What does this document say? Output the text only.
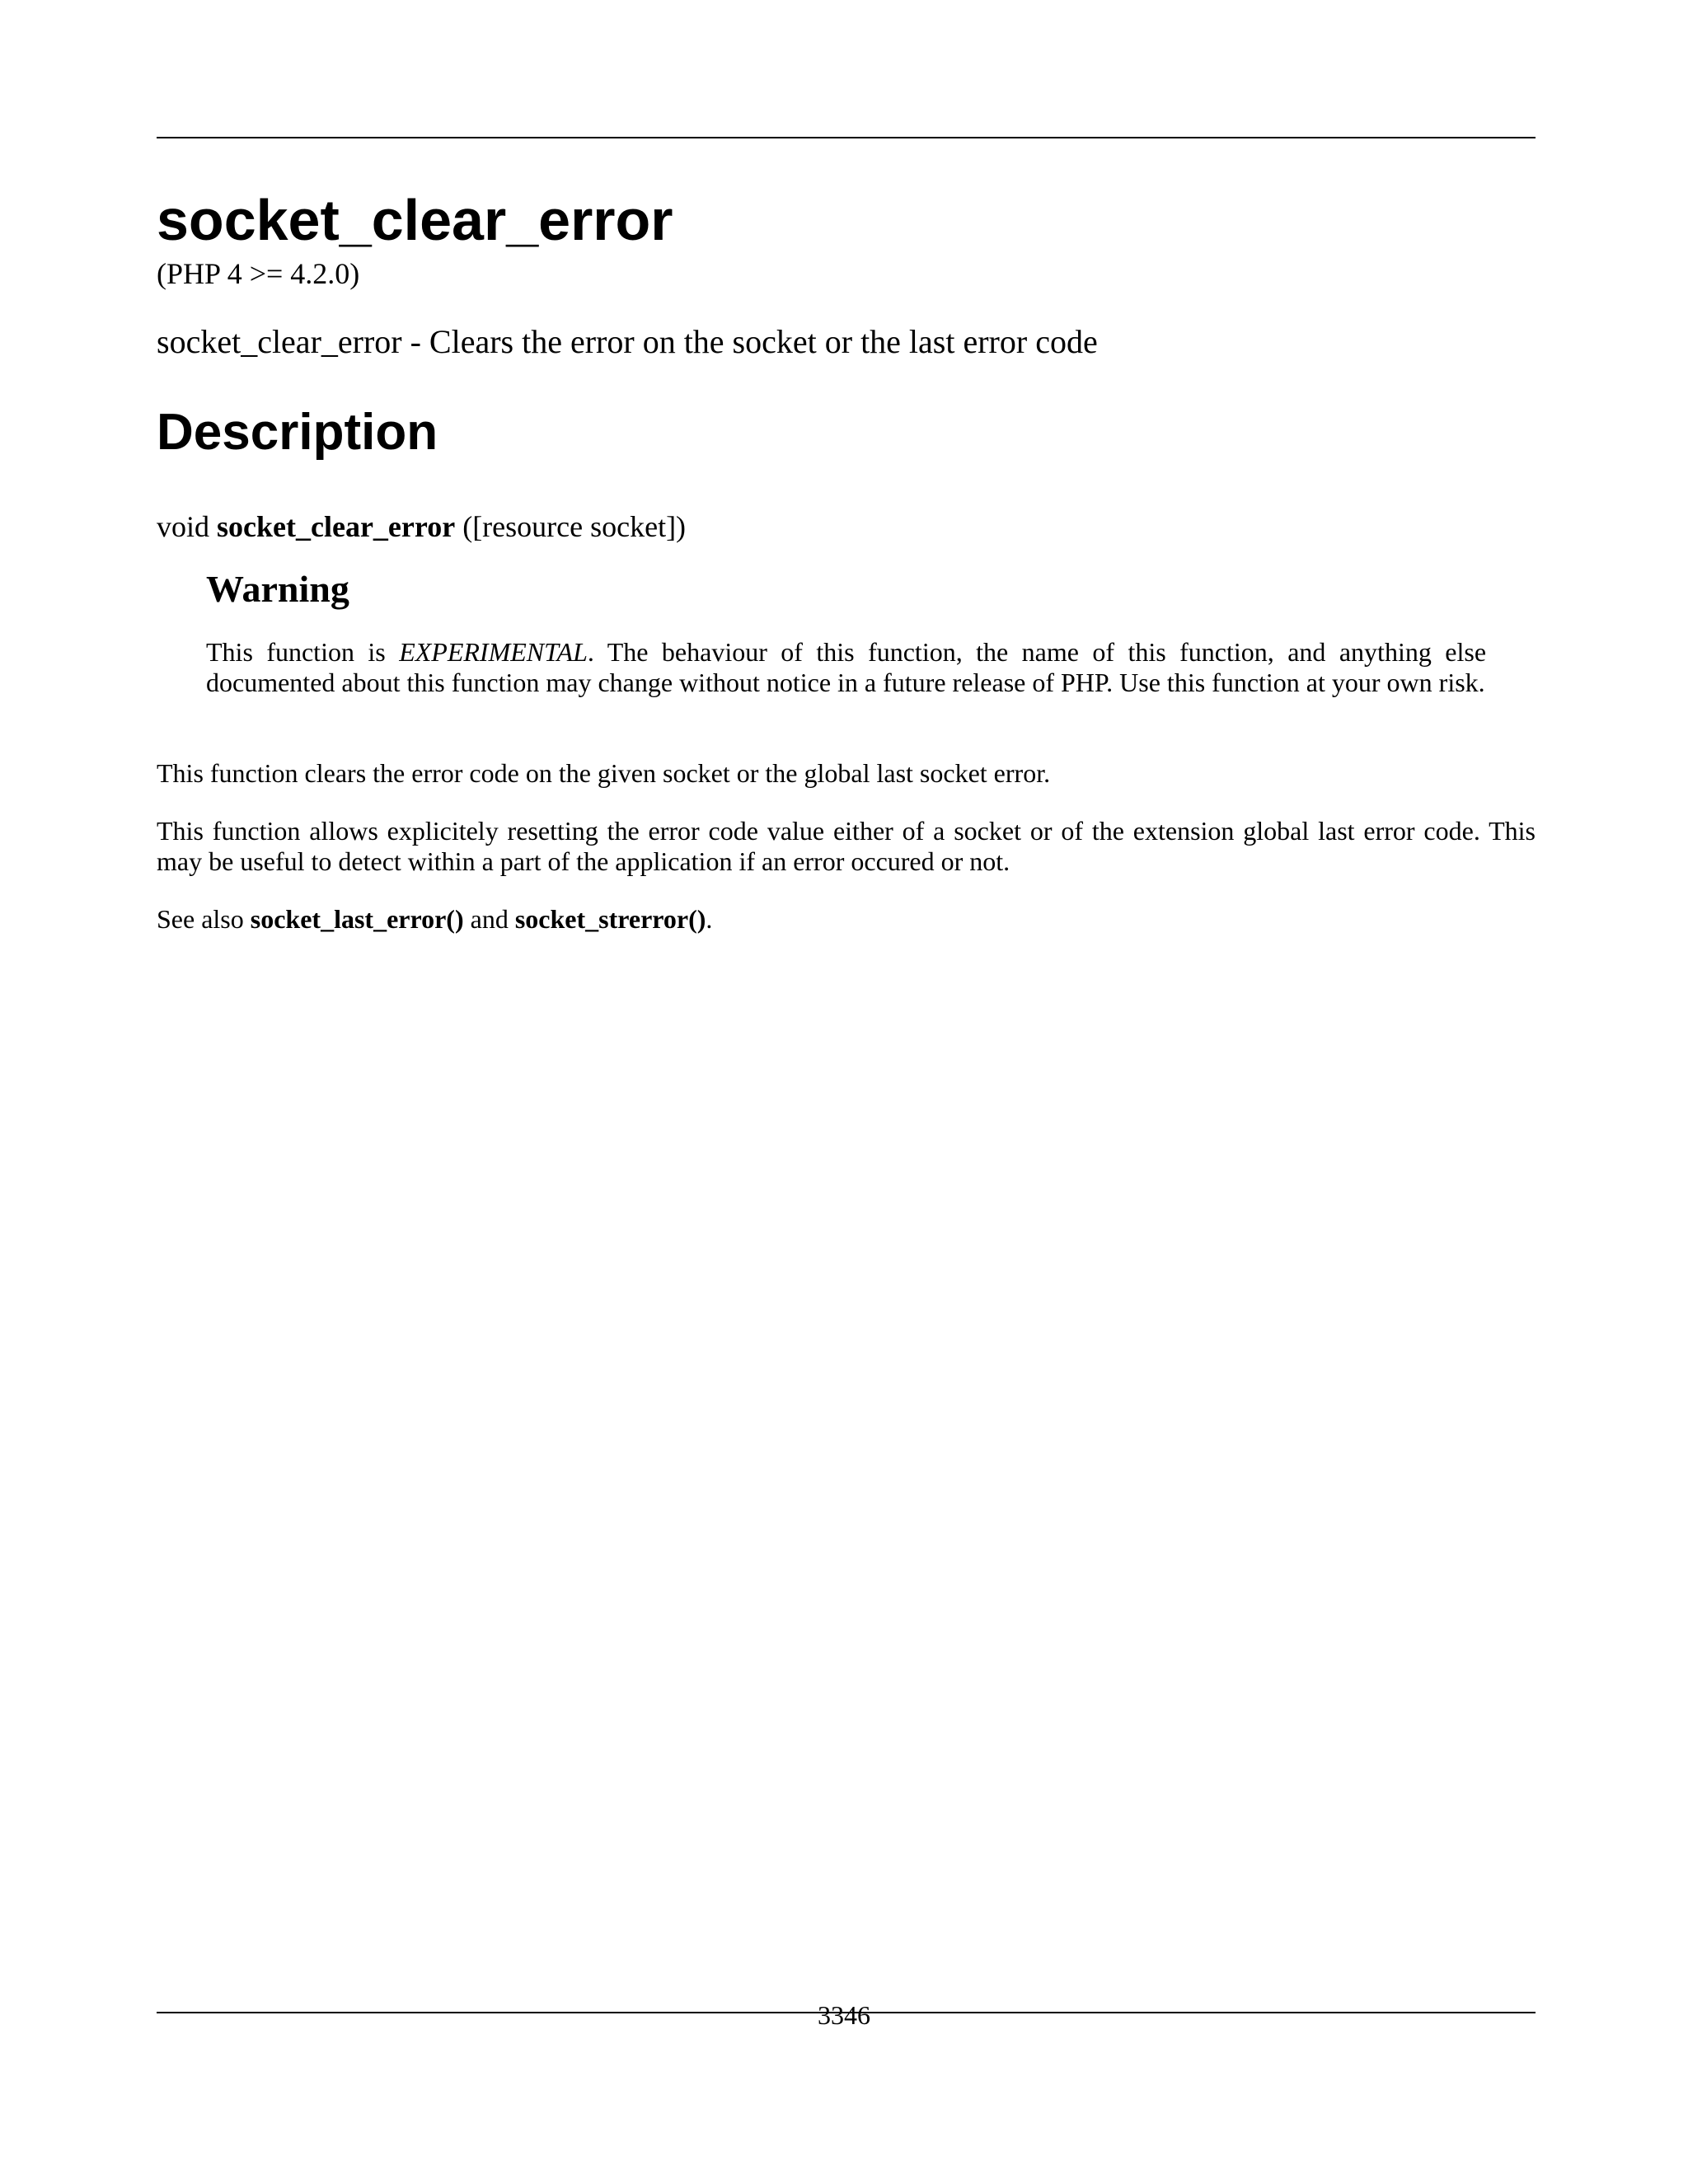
socket_clear_error

(PHP 4 >= 4.2.0)

socket_clear_error - Clears the error on the socket or the last error code

Description

void socket_clear_error ([resource socket])

Warning

This function is EXPERIMENTAL. The behaviour of this function, the name of this function, and anything else documented about this function may change without notice in a future release of PHP. Use this function at your own risk.

This function clears the error code on the given socket or the global last socket error.

This function allows explicitely resetting the error code value either of a socket or of the extension global last error code. This may be useful to detect within a part of the application if an error occured or not.

See also socket_last_error() and socket_strerror().

3346
